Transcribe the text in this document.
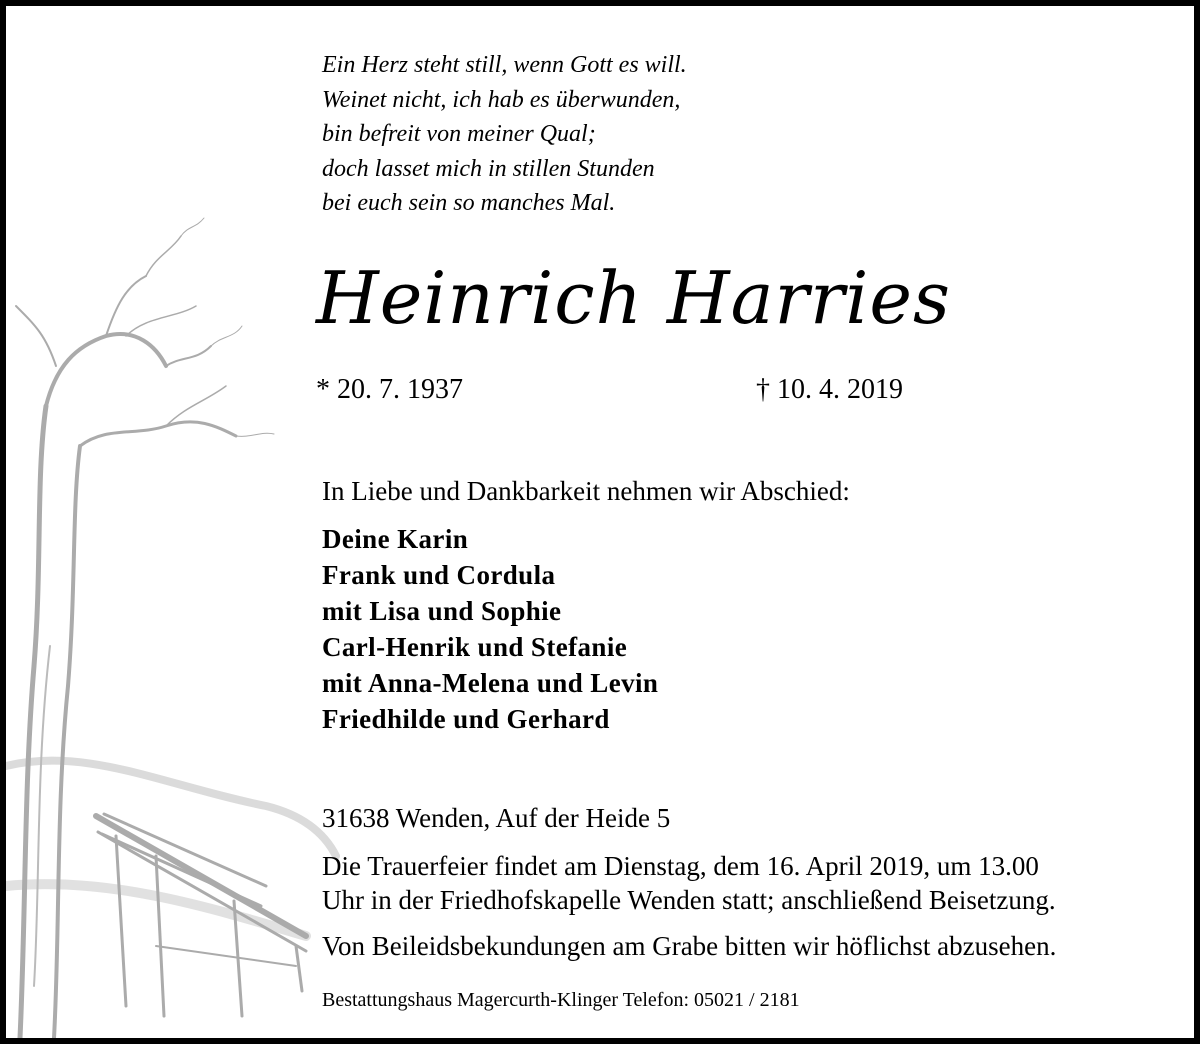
Ein Herz steht still, wenn Gott es will.
Weinet nicht, ich hab es überwunden,
bin befreit von meiner Qual;
doch lasset mich in stillen Stunden
bei euch sein so manches Mal.
Heinrich Harries
* 20. 7. 1937	† 10. 4. 2019
In Liebe und Dankbarkeit nehmen wir Abschied:
Deine Karin
Frank und Cordula
mit Lisa und Sophie
Carl-Henrik und Stefanie
mit Anna-Melena und Levin
Friedhilde und Gerhard
31638 Wenden, Auf der Heide 5
Die Trauerfeier findet am Dienstag, dem 16. April 2019, um 13.00
Uhr in der Friedhofskapelle Wenden statt; anschließend Beisetzung.
Von Beileidsbekundungen am Grabe bitten wir höflichst abzusehen.
Bestattungshaus Magercurth-Klinger Telefon: 05021 / 2181
